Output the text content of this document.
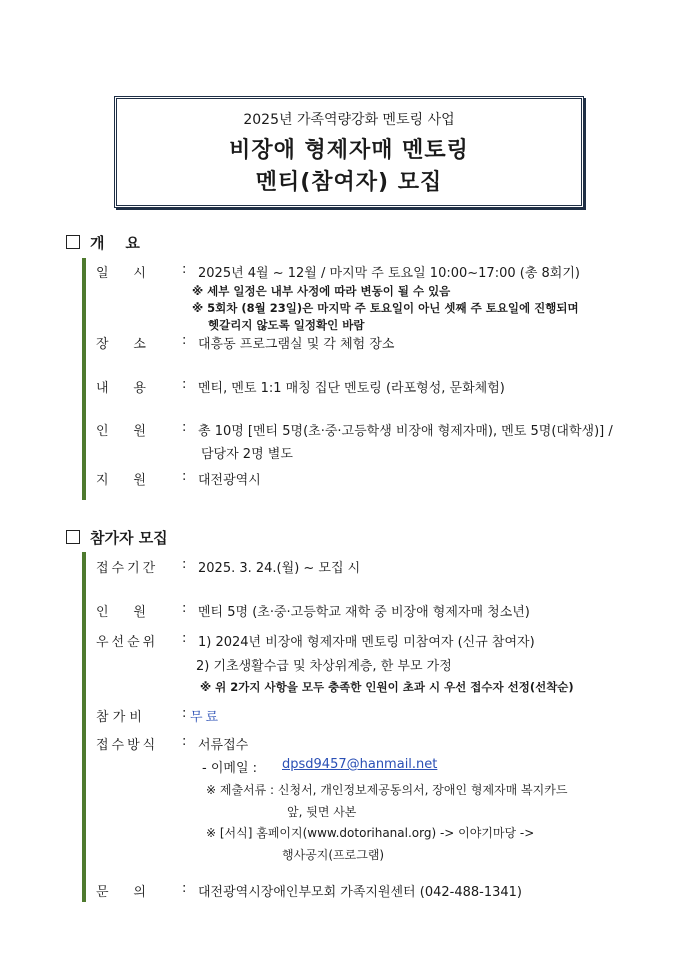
2025년 가족역량강화 멘토링 사업
비장애 형제자매 멘토링
멘티(참여자) 모집
개    요
일      시	: 2025년 4월 ~ 12월 / 마지막 주 토요일 10:00~17:00 (총 8회기)
※ 세부 일정은 내부 사정에 따라 변동이 될 수 있음
※ 5회차 (8월 23일)은 마지막 주 토요일이 아닌 셋째 주 토요일에 진행되며
헷갈리지 않도록 일정확인 바람
장      소	: 대흥동 프로그램실 및 각 체험 장소
내      용	: 멘티, 멘토 1:1 매칭 집단 멘토링 (라포형성, 문화체험)
인      원	: 총 10명 [멘티 5명(초·중·고등학생 비장애 형제자매), 멘토 5명(대학생)] /
담당자 2명 별도
지      원	: 대전광역시
참가자 모집
접수기간 : 2025. 3. 24.(월) ~ 모집 시
인      원	: 멘티 5명 (초·중·고등학교 재학 중 비장애 형제자매 청소년)
우선순위 : 1) 2024년 비장애 형제자매 멘토링 미참여자 (신규 참여자)
2) 기초생활수급 및 차상위계층, 한 부모 가정
※ 위 2가지 사항을 모두 충족한 인원이 초과 시 우선 접수자 선정(선착순)
참 가 비	: 무료
접수방식 : 서류접수
- 이메일 : dpsd9457@hanmail.net
※ 제출서류 : 신청서, 개인정보제공동의서, 장애인 형제자매 복지카드
앞, 뒷면 사본
※ [서식] 홈페이지(www.dotorihanal.org) -> 이야기마당 ->
행사공지(프로그램)
문      의	: 대전광역시장애인부모회 가족지원센터 (042-488-1341)
